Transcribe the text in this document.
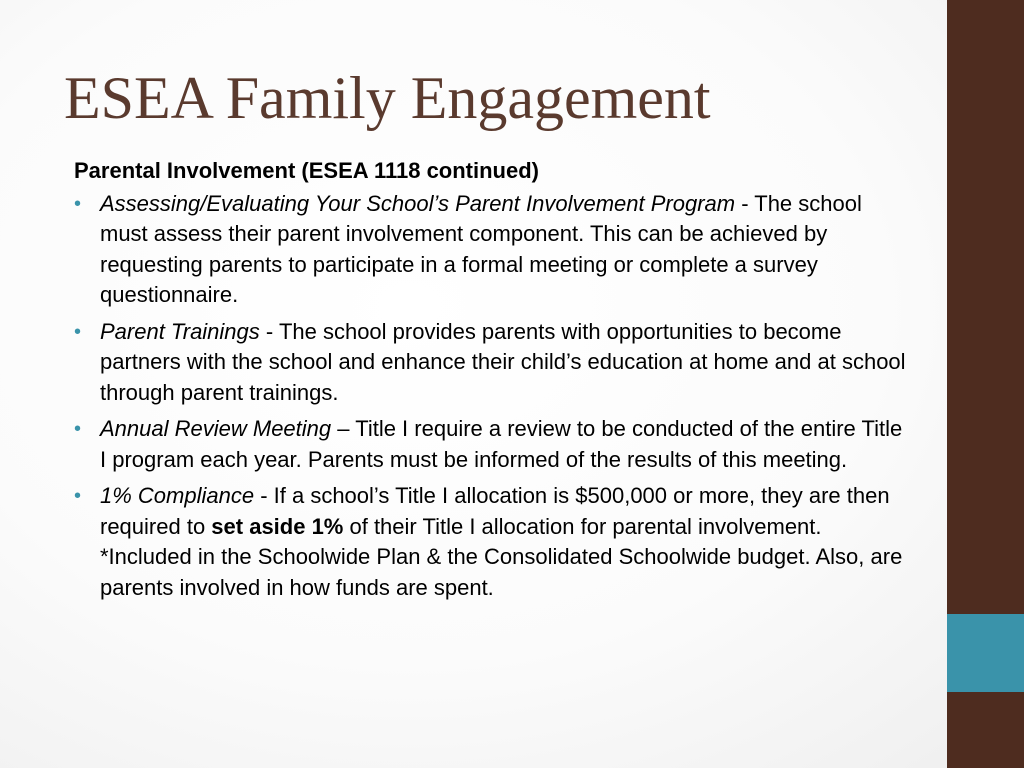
ESEA Family Engagement

Parental Involvement (ESEA 1118 continued)

• Assessing/Evaluating Your School’s Parent Involvement Program - The school must assess their parent involvement component. This can be achieved by requesting parents to participate in a formal meeting or complete a survey questionnaire.
• Parent Trainings - The school provides parents with opportunities to become partners with the school and enhance their child’s education at home and at school through parent trainings.
• Annual Review Meeting – Title I require a review to be conducted of the entire Title I program each year. Parents must be informed of the results of this meeting.
• 1% Compliance - If a school’s Title I allocation is $500,000 or more, they are then required to set aside 1% of their Title I allocation for parental involvement. *Included in the Schoolwide Plan & the Consolidated Schoolwide budget. Also, are parents involved in how funds are spent.
